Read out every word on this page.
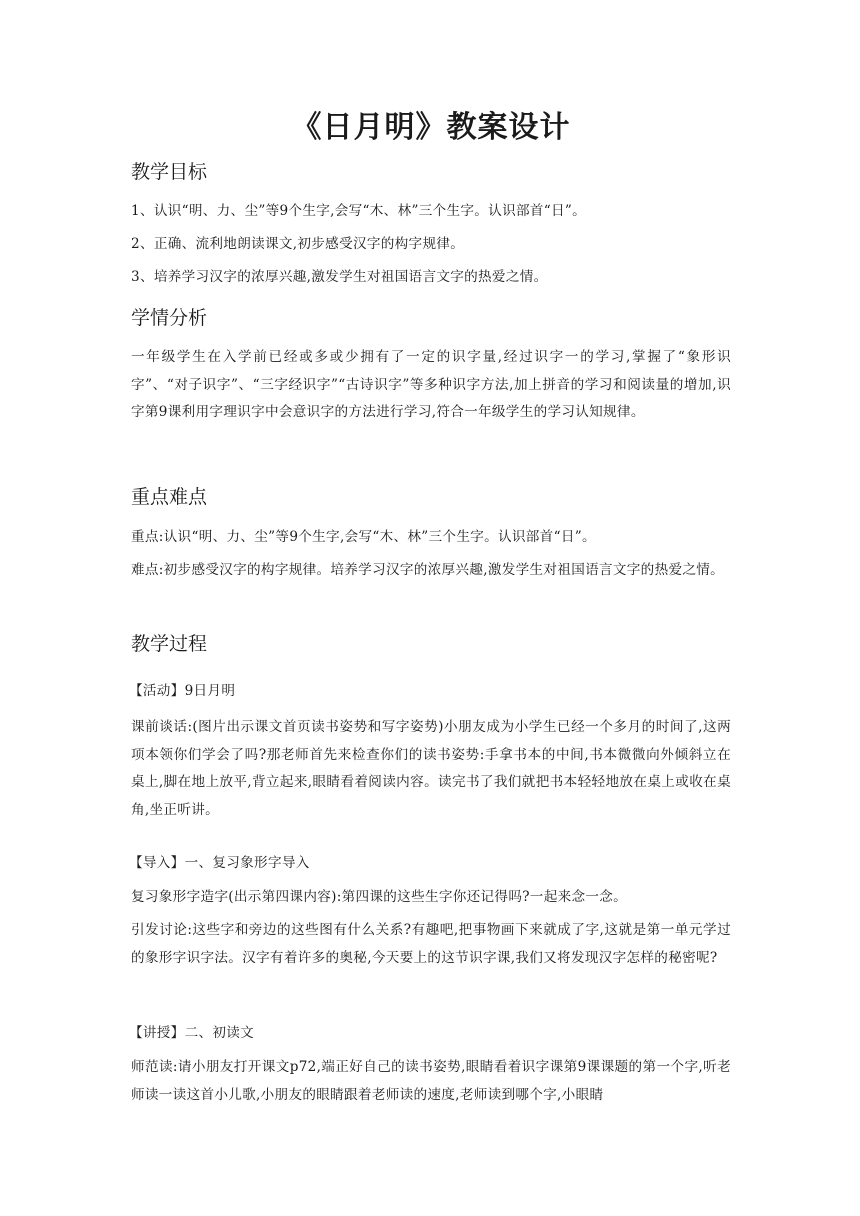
《日月明》教案设计
教学目标

1、认识“明、力、尘”等9个生字,会写“木、林”三个生字。认识部首“日”。

2、正确、流利地朗读课文,初步感受汉字的构字规律。

3、培养学习汉字的浓厚兴趣,激发学生对祖国语言文字的热爱之情。

学情分析

一年级学生在入学前已经或多或少拥有了一定的识字量,经过识字一的学习,掌握了“象形识字”、“对子识字”、“三字经识字”“古诗识字”等多种识字方法,加上拼音的学习和阅读量的增加,识字第9课利用字理识字中会意识字的方法进行学习,符合一年级学生的学习认知规律。

重点难点

重点:认识“明、力、尘”等9个生字,会写“木、林”三个生字。认识部首“日”。

难点:初步感受汉字的构字规律。培养学习汉字的浓厚兴趣,激发学生对祖国语言文字的热爱之情。

教学过程

【活动】9日月明

课前谈话:(图片出示课文首页读书姿势和写字姿势)小朋友成为小学生已经一个多月的时间了,这两项本领你们学会了吗?那老师首先来检查你们的读书姿势:手拿书本的中间,书本微微向外倾斜立在桌上,脚在地上放平,背立起来,眼睛看着阅读内容。读完书了我们就把书本轻轻地放在桌上或收在桌角,坐正听讲。

【导入】一、复习象形字导入

复习象形字造字(出示第四课内容):第四课的这些生字你还记得吗?一起来念一念。

引发讨论:这些字和旁边的这些图有什么关系?有趣吧,把事物画下来就成了字,这就是第一单元学过的象形字识字法。汉字有着许多的奥秘,今天要上的这节识字课,我们又将发现汉字怎样的秘密呢?

【讲授】二、初读文

师范读:请小朋友打开课文p72,端正好自己的读书姿势,眼睛看着识字课第9课课题的第一个字,听老师读一读这首小儿歌,小朋友的眼睛跟着老师读的速度,老师读到哪个字,小眼睛
